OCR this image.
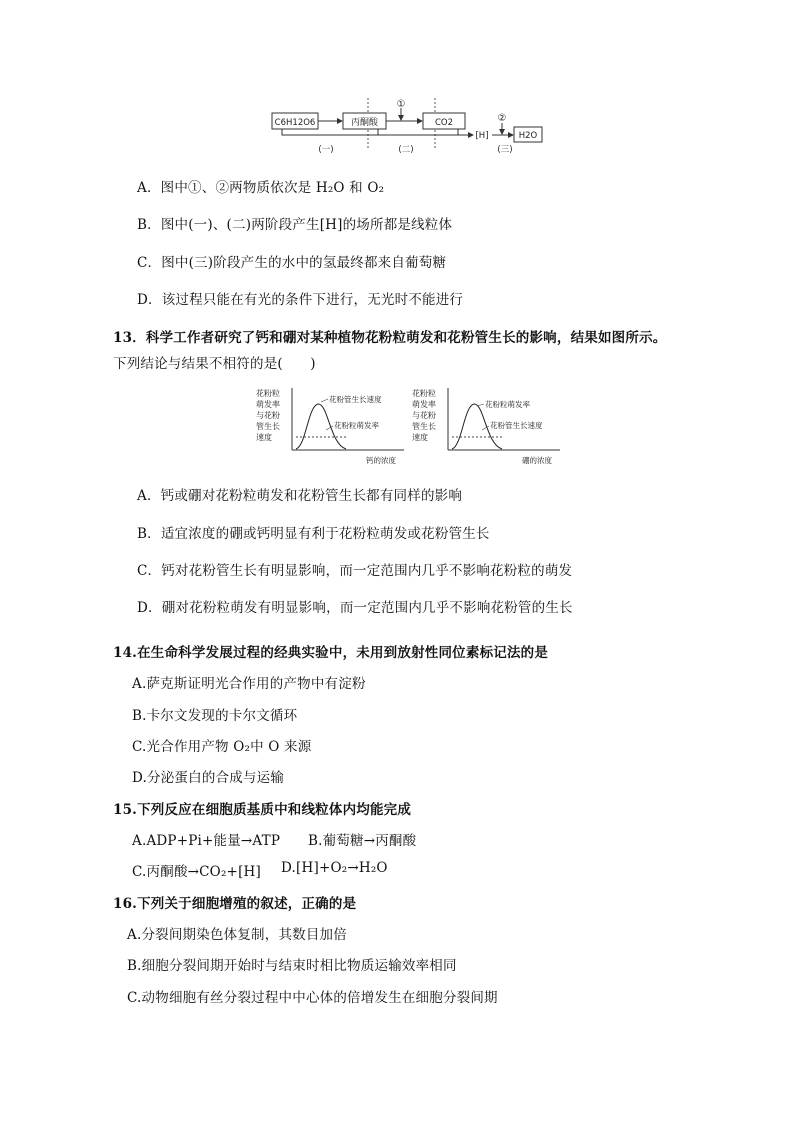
C6H12O6	丙酮酸	CO2
H2O
①
[H]
②
(一)	(二)	(三)
A．图中①、②两物质依次是 H₂O 和 O₂
B．图中(一)、(二)两阶段产生[H]的场所都是线粒体
C．图中(三)阶段产生的水中的氢最终都来自葡萄糖
D．该过程只能在有光的条件下进行，无光时不能进行
13．科学工作者研究了钙和硼对某种植物花粉粒萌发和花粉管生长的影响，结果如图所示。
下列结论与结果不相符的是(　　)
花粉粒
萌发率
与花粉
管生长
速度
花粉管生长速度
花粉粒萌发率
钙的浓度
花粉粒
萌发率
与花粉
管生长
速度
花粉粒萌发率
花粉管生长速度
硼的浓度
A．钙或硼对花粉粒萌发和花粉管生长都有同样的影响
B．适宜浓度的硼或钙明显有利于花粉粒萌发或花粉管生长
C．钙对花粉管生长有明显影响，而一定范围内几乎不影响花粉粒的萌发
D．硼对花粉粒萌发有明显影响，而一定范围内几乎不影响花粉管的生长
14.在生命科学发展过程的经典实验中，未用到放射性同位素标记法的是
A.萨克斯证明光合作用的产物中有淀粉
B.卡尔文发现的卡尔文循环
C.光合作用产物 O₂中 O 来源
D.分泌蛋白的合成与运输
15.下列反应在细胞质基质中和线粒体内均能完成
A.ADP+Pi+能量→ATP B.葡萄糖→丙酮酸
C.丙酮酸→CO₂+[H] D.[H]+O₂→H₂O
16.下列关于细胞增殖的叙述，正确的是
A.分裂间期染色体复制，其数目加倍
B.细胞分裂间期开始时与结束时相比物质运输效率相同
C.动物细胞有丝分裂过程中中心体的倍增发生在细胞分裂间期
